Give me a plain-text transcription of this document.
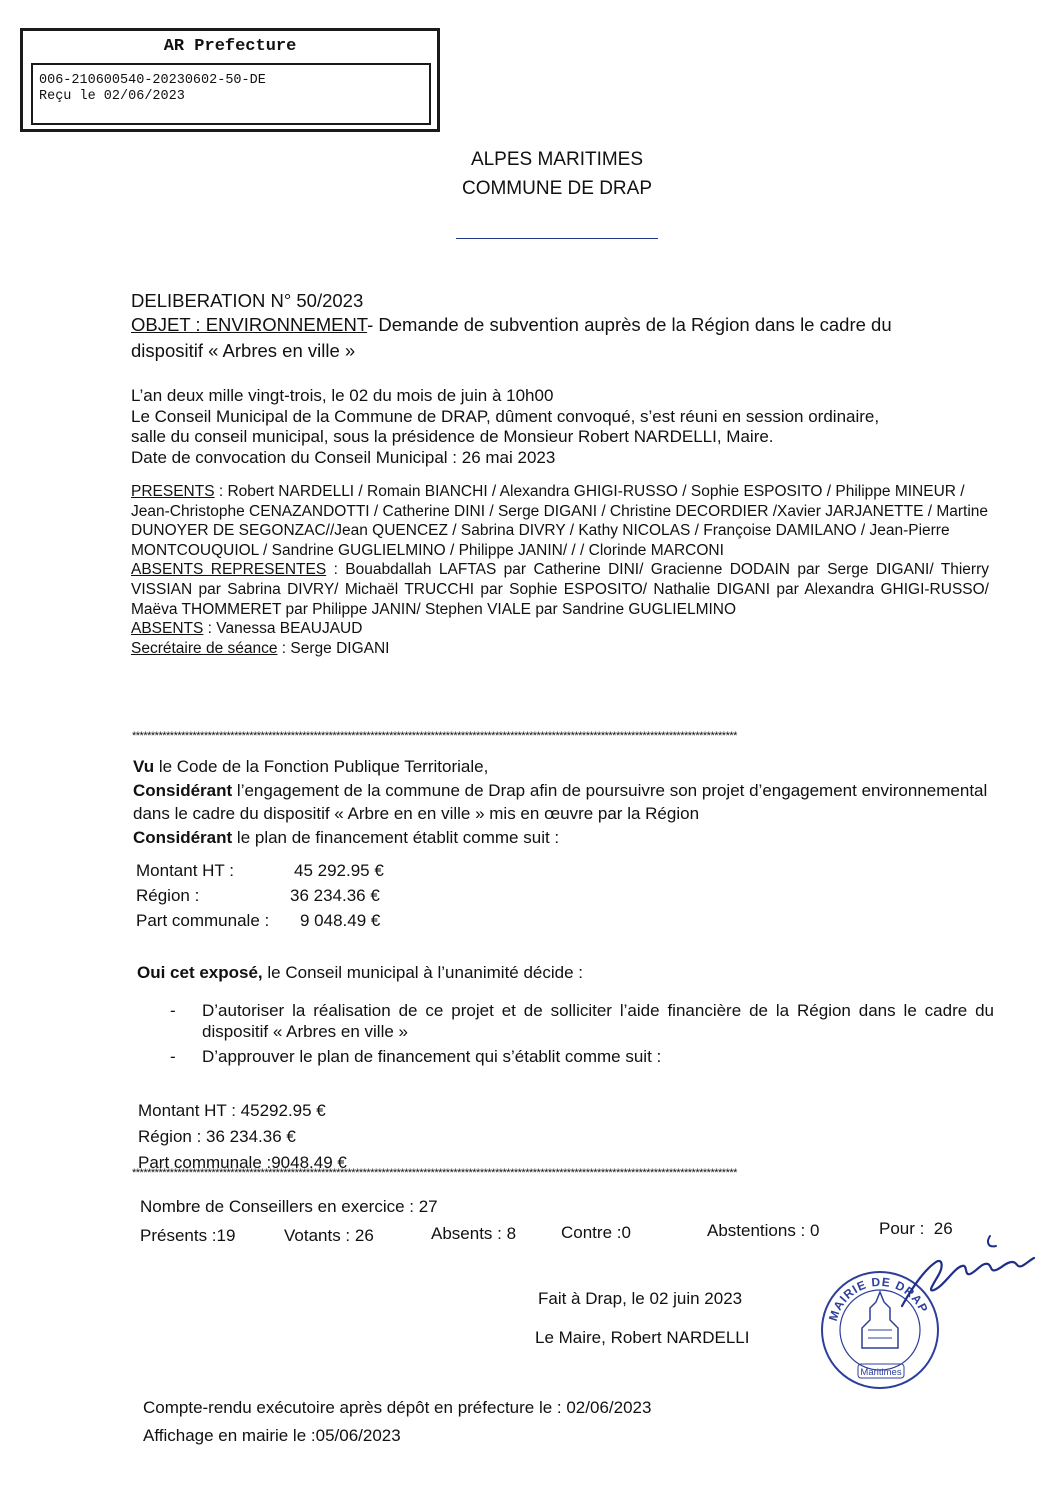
AR Prefecture
006-210600540-20230602-50-DE
Reçu le 02/06/2023
ALPES MARITIMES
COMMUNE DE DRAP
DELIBERATION N° 50/2023
OBJET : ENVIRONNEMENT- Demande de subvention auprès de la Région dans le cadre du
dispositif « Arbres en ville »
L’an deux mille vingt-trois, le 02 du mois de juin à 10h00
Le Conseil Municipal de la Commune de DRAP, dûment convoqué, s’est réuni en session ordinaire,
salle du conseil municipal, sous la présidence de Monsieur Robert NARDELLI, Maire.
Date de convocation du Conseil Municipal : 26 mai 2023
PRESENTS : Robert NARDELLI / Romain BIANCHI / Alexandra GHIGI-RUSSO / Sophie ESPOSITO / Philippe MINEUR / Jean-Christophe CENAZANDOTTI / Catherine DINI / Serge DIGANI / Christine DECORDIER /Xavier JARJANETTE / Martine DUNOYER DE SEGONZAC//Jean QUENCEZ / Sabrina DIVRY / Kathy NICOLAS / Françoise DAMILANO / Jean-Pierre MONTCOUQUIOL / Sandrine GUGLIELMINO / Philippe JANIN/ / / Clorinde MARCONI
ABSENTS REPRESENTES : Bouabdallah LAFTAS par Catherine DINI/ Gracienne DODAIN par Serge DIGANI/ Thierry VISSIAN par Sabrina DIVRY/ Michaël TRUCCHI par Sophie ESPOSITO/ Nathalie DIGANI par Alexandra GHIGI-RUSSO/ Maëva THOMMERET par Philippe JANIN/ Stephen VIALE par Sandrine GUGLIELMINO
ABSENTS : Vanessa BEAUJAUD
Secrétaire de séance : Serge DIGANI
****************************************************************************************************************************************************************
Vu le Code de la Fonction Publique Territoriale,
Considérant l’engagement de la commune de Drap afin de poursuivre son projet d’engagement environnemental dans le cadre du dispositif « Arbre en en ville » mis en œuvre par la Région
Considérant le plan de financement établit comme suit :
Montant HT :	45 292.95 €
Région :	36 234.36 €
Part communale : 9 048.49 €
Oui cet exposé, le Conseil municipal à l’unanimité décide :
- D’autoriser la réalisation de ce projet et de solliciter l’aide financière de la Région dans le cadre du dispositif « Arbres en ville »
- D’approuver le plan de financement qui s’établit comme suit :
Montant HT : 45292.95 €
Région : 36 234.36 €
Part communale :9048.49 €
****************************************************************************************************************************************************************
Nombre de Conseillers en exercice : 27
Présents :19	Votants : 26	Absents : 8	Contre :0	Abstentions : 0	Pour :  26
Fait à Drap, le 02 juin 2023
Le Maire, Robert NARDELLI
MAIRIE DE DRAP
Maritimes
Compte-rendu exécutoire après dépôt en préfecture le : 02/06/2023
Affichage en mairie le :05/06/2023
